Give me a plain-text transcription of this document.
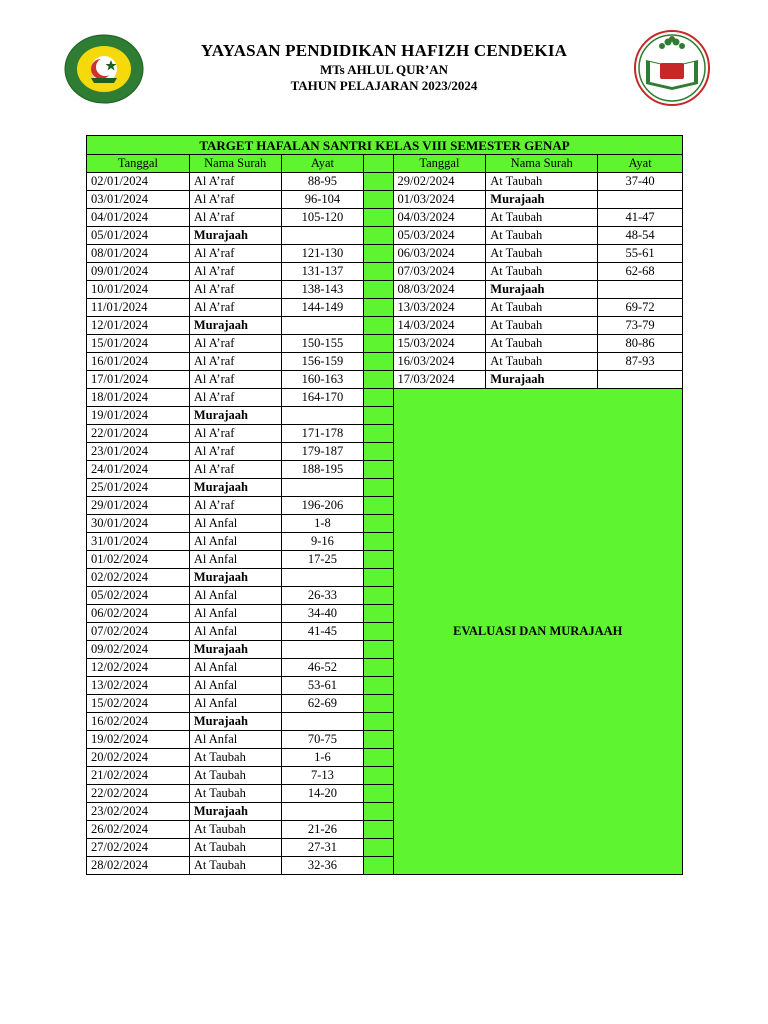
YAYASAN PENDIDIKAN HAFIZH CENDEKIA
MTs AHLUL QUR’AN
TAHUN PELAJARAN 2023/2024
TARGET HAFALAN SANTRI KELAS VIII SEMESTER GENAP						
Tanggal	Nama Surah	Ayat		Tanggal	Nama Surah	Ayat
02/01/2024	Al A’raf	88-95		29/02/2024	At Taubah	37-40
03/01/2024	Al A’raf	96-104		01/03/2024	Murajaah	
04/01/2024	Al A’raf	105-120		04/03/2024	At Taubah	41-47
05/01/2024	Murajaah			05/03/2024	At Taubah	48-54
08/01/2024	Al A’raf	121-130		06/03/2024	At Taubah	55-61
09/01/2024	Al A’raf	131-137		07/03/2024	At Taubah	62-68
10/01/2024	Al A’raf	138-143		08/03/2024	Murajaah	
11/01/2024	Al A’raf	144-149		13/03/2024	At Taubah	69-72
12/01/2024	Murajaah			14/03/2024	At Taubah	73-79
15/01/2024	Al A’raf	150-155		15/03/2024	At Taubah	80-86
16/01/2024	Al A’raf	156-159		16/03/2024	At Taubah	87-93
17/01/2024	Al A’raf	160-163		17/03/2024	Murajaah	
18/01/2024	Al A’raf	164-170		EVALUASI DAN MURAJAAH		
19/01/2024	Murajaah					
22/01/2024	Al A’raf	171-178				
23/01/2024	Al A’raf	179-187				
24/01/2024	Al A’raf	188-195				
25/01/2024	Murajaah					
29/01/2024	Al A’raf	196-206				
30/01/2024	Al Anfal	1-8				
31/01/2024	Al Anfal	9-16				
01/02/2024	Al Anfal	17-25				
02/02/2024	Murajaah					
05/02/2024	Al Anfal	26-33				
06/02/2024	Al Anfal	34-40				
07/02/2024	Al Anfal	41-45				
09/02/2024	Murajaah					
12/02/2024	Al Anfal	46-52				
13/02/2024	Al Anfal	53-61				
15/02/2024	Al Anfal	62-69				
16/02/2024	Murajaah					
19/02/2024	Al Anfal	70-75				
20/02/2024	At Taubah	1-6				
21/02/2024	At Taubah	7-13				
22/02/2024	At Taubah	14-20				
23/02/2024	Murajaah					
26/02/2024	At Taubah	21-26				
27/02/2024	At Taubah	27-31				
28/02/2024	At Taubah	32-36				
